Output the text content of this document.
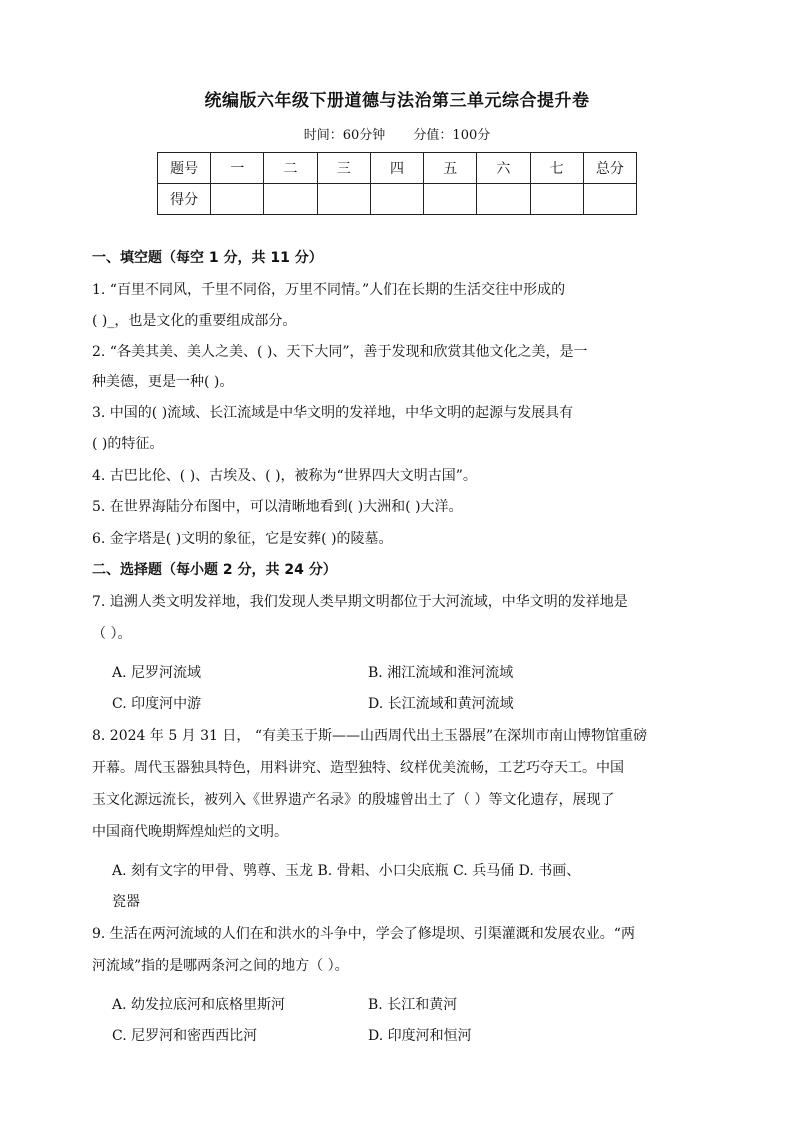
统编版六年级下册道德与法治第三单元综合提升卷
时间：60分钟 分值：100分
题号	一	二	三	四	五	六	七	总分
得分								
一、填空题（每空 1 分，共 11 分）
1. “百里不同风，千里不同俗，万里不同情。”人们在长期的生活交往中形成的
( )_，也是文化的重要组成部分。
2. “各美其美、美人之美、( )、天下大同”，善于发现和欣赏其他文化之美，是一
种美德，更是一种( )。
3. 中国的( )流域、长江流域是中华文明的发祥地，中华文明的起源与发展具有
( )的特征。
4. 古巴比伦、( )、古埃及、( )，被称为“世界四大文明古国”。
5. 在世界海陆分布图中，可以清晰地看到( )大洲和( )大洋。
6. 金字塔是( )文明的象征，它是安葬( )的陵墓。
二、选择题（每小题 2 分，共 24 分）
7. 追溯人类文明发祥地，我们发现人类早期文明都位于大河流域，中华文明的发祥地是
（ ）。
A. 尼罗河流域	B. 湘江流域和淮河流域
C. 印度河中游	D. 长江流域和黄河流域
8. 2024 年 5 月 31 日， “有美玉于斯——山西周代出土玉器展”在深圳市南山博物馆重磅
开幕。周代玉器独具特色，用料讲究、造型独特、纹样优美流畅，工艺巧夺天工。中国
玉文化源远流长，被列入《世界遗产名录》的殷墟曾出土了（ ）等文化遗存，展现了
中国商代晚期辉煌灿烂的文明。
A. 刻有文字的甲骨、鸮尊、玉龙 B. 骨耜、小口尖底瓶 C. 兵马俑 D. 书画、
瓷器
9. 生活在两河流域的人们在和洪水的斗争中，学会了修堤坝、引渠灌溉和发展农业。“两
河流域”指的是哪两条河之间的地方（ ）。
A. 幼发拉底河和底格里斯河	B. 长江和黄河
C. 尼罗河和密西西比河	D. 印度河和恒河
